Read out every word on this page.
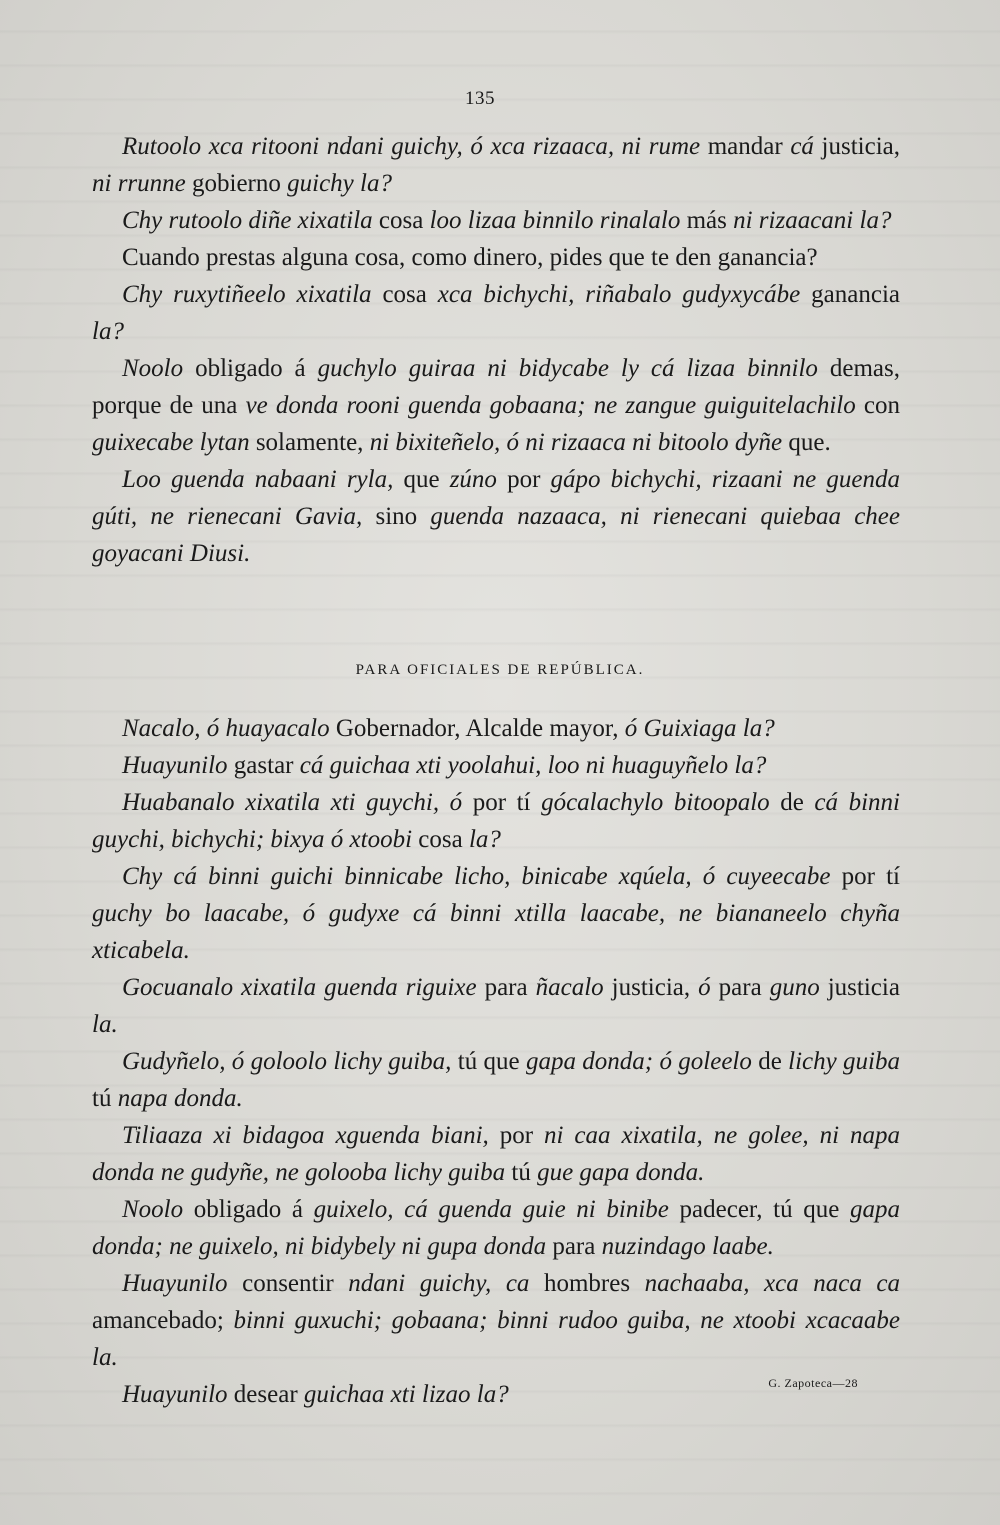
135

Rutoolo xca ritooni ndani guichy, ó xca rizaaca, ni rume mandar cá justicia, ni rrunne gobierno guichy la?

Chy rutoolo diñe xixatila cosa loo lizaa binnilo rinalalo más ni rizaacani la?

Cuando prestas alguna cosa, como dinero, pides que te den ganancia?

Chy ruxytiñeelo xixatila cosa xca bichychi, riñabalo gudyxycábe ganancia la?

Noolo obligado á guchylo guiraa ni bidycabe ly cá lizaa binnilo demas, porque de una ve donda rooni guenda gobaana; ne zangue guiguitelachilo con guixecabe lytan solamente, ni bixiteñelo, ó ni rizaaca ni bitoolo dyñe que.

Loo guenda nabaani ryla, que zúno por gápo bichychi, rizaani ne guenda gúti, ne rienecani Gavia, sino guenda nazaaca, ni rienecani quiebaa chee goyacani Diusi.

PARA OFICIALES DE REPÚBLICA.

Nacalo, ó huayacalo Gobernador, Alcalde mayor, ó Guixiaga la?

Huayunilo gastar cá guichaa xti yoolahui, loo ni huaguyñelo la?

Huabanalo xixatila xti guychi, ó por tí gócalachylo bitoopalo de cá binni guychi, bichychi; bixya ó xtoobi cosa la?

Chy cá binni guichi binnicabe licho, binicabe xqúela, ó cuyeecabe por tí guchy bo laacabe, ó gudyxe cá binni xtilla laacabe, ne biananeelo chyña xticabela.

Gocuanalo xixatila guenda riguixe para ñacalo justicia, ó para guno justicia la.

Gudyñelo, ó goloolo lichy guiba, tú que gapa donda; ó goleelo de lichy guiba tú napa donda.

Tiliaaza xi bidagoa xguenda biani, por ni caa xixatila, ne golee, ni napa donda ne gudyñe, ne golooba lichy guiba tú gue gapa donda.

Noolo obligado á guixelo, cá guenda guie ni binibe padecer, tú que gapa donda; ne guixelo, ni bidybely ni gupa donda para nuzindago laabe.

Huayunilo consentir ndani guichy, ca hombres nachaaba, xca naca ca amancebado; binni guxuchi; gobaana; binni rudoo guiba, ne xtoobi xcacaabe la.

Huayunilo desear guichaa xti lizao la?	G. Zapoteca—28
